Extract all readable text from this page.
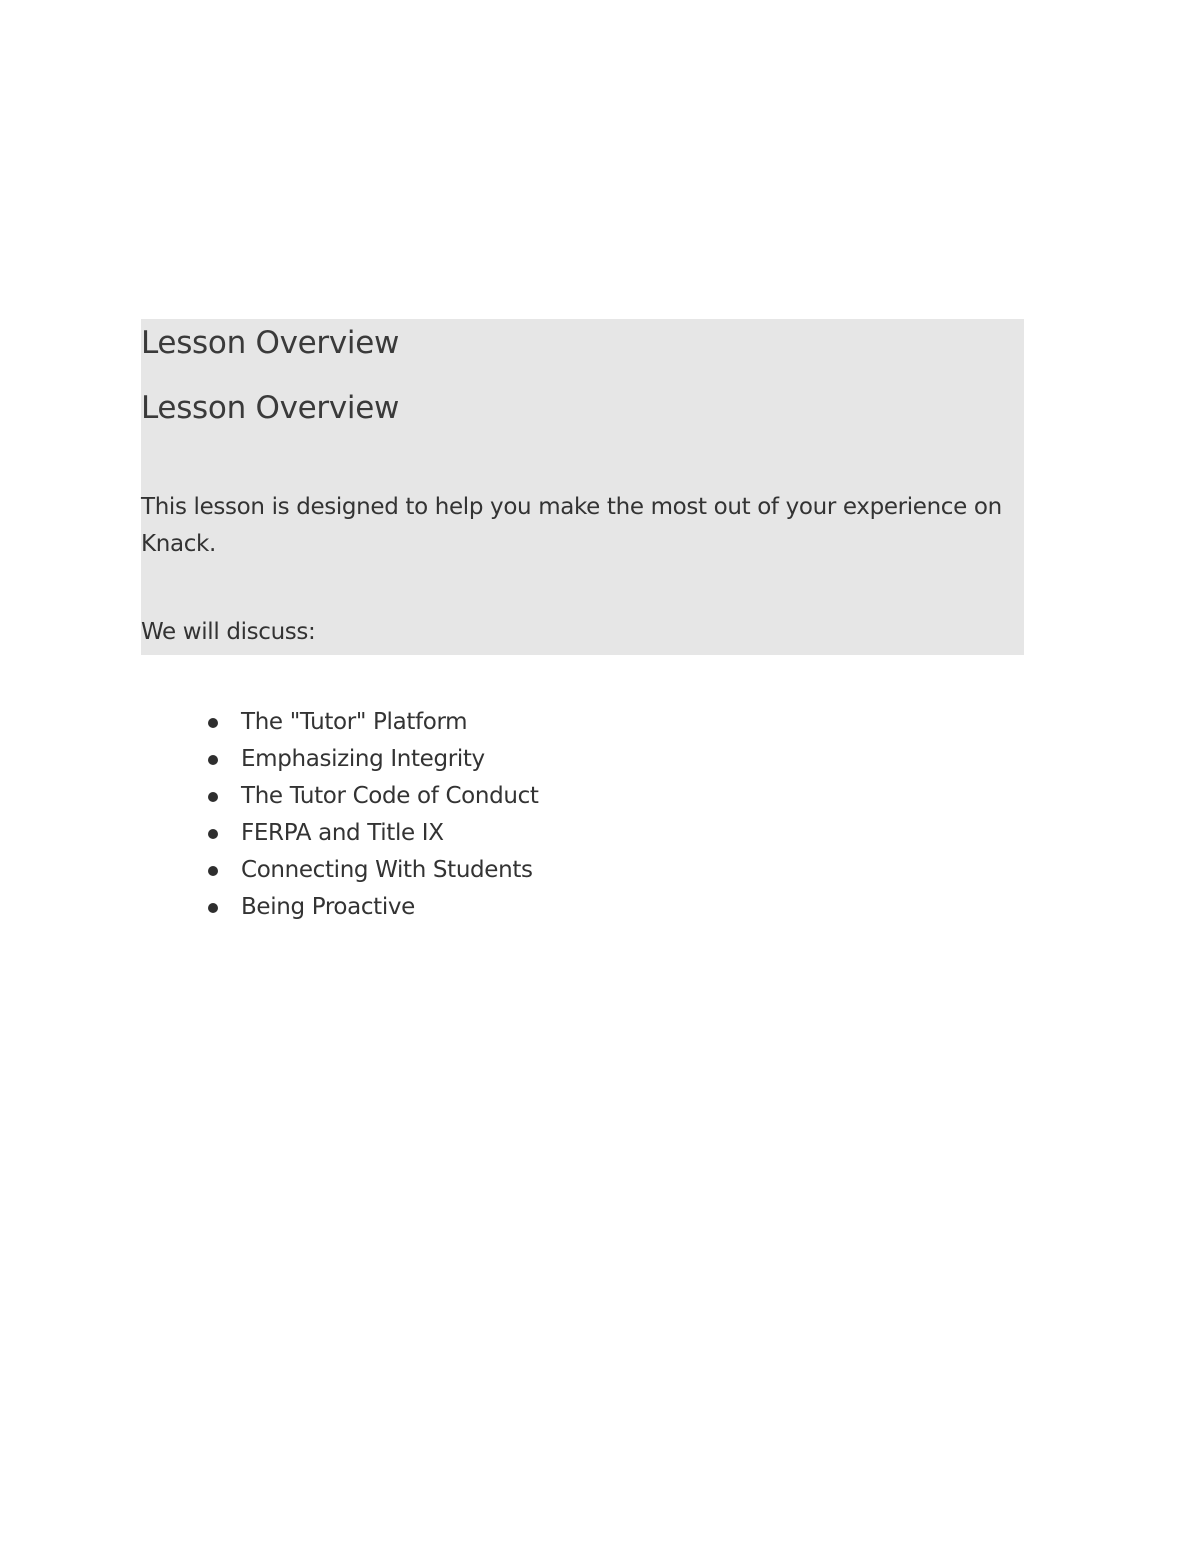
Lesson Overview
Lesson Overview
This lesson is designed to help you make the most out of your experience on Knack.
We will discuss:
The "Tutor" Platform
Emphasizing Integrity
The Tutor Code of Conduct
FERPA and Title IX
Connecting With Students
Being Proactive
